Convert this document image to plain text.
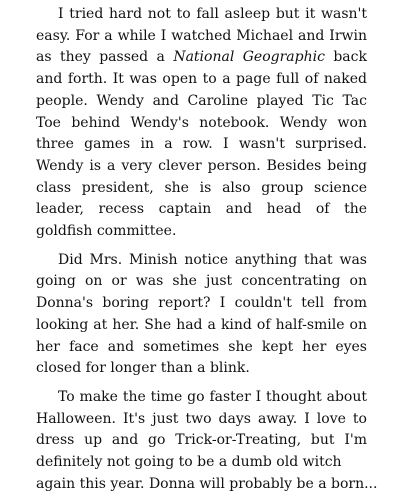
I tried hard not to fall asleep but it wasn't easy. For a while I watched Michael and Irwin as they passed a National Geographic back and forth. It was open to a page full of naked people. Wendy and Caroline played Tic Tac Toe behind Wendy's notebook. Wendy won three games in a row. I wasn't surprised. Wendy is a very clever person. Besides being class president, she is also group science leader, recess captain and head of the goldfish committee.

Did Mrs. Minish notice anything that was going on or was she just concentrating on Donna's boring report? I couldn't tell from looking at her. She had a kind of half-smile on her face and sometimes she kept her eyes closed for longer than a blink.

To make the time go faster I thought about Halloween. It's just two days away. I love to dress up and go Trick-or-Treating, but I'm definitely not going to be a dumb old witch
again this year. Donna will probably be a born...
